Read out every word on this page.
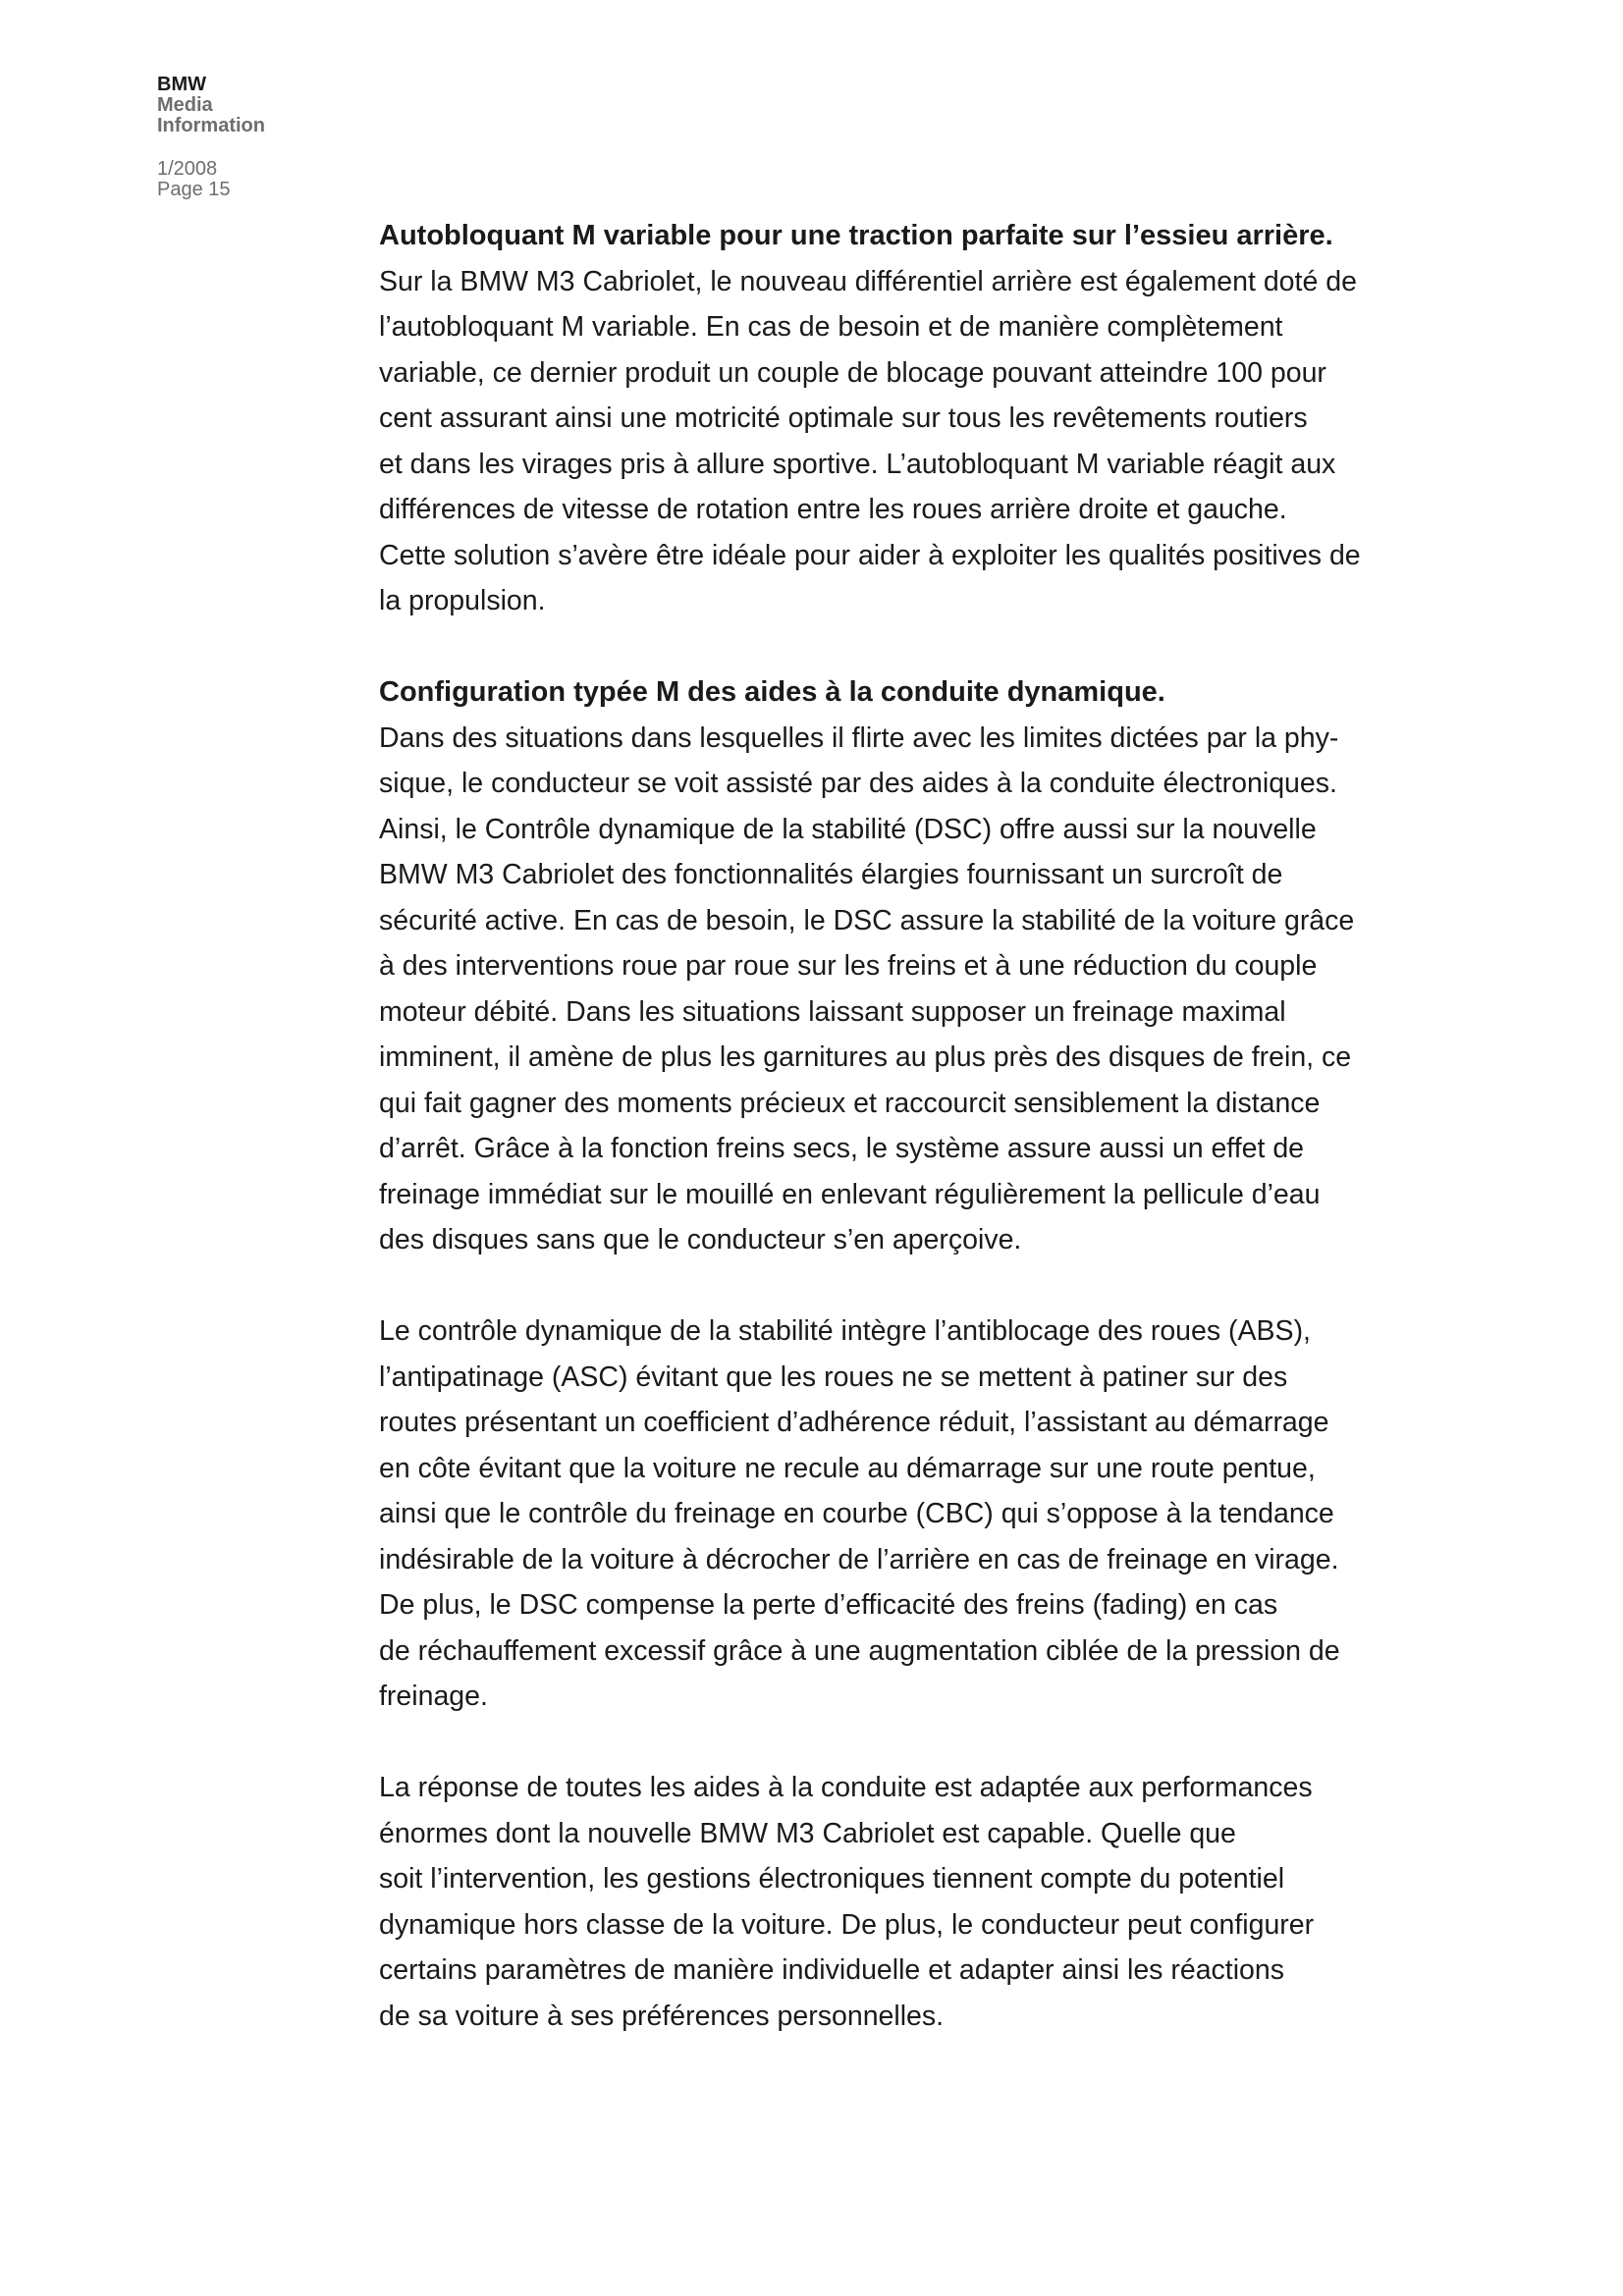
BMW
Media
Information
1/2008
Page 15
Autobloquant M variable pour une traction parfaite sur l’essieu arrière.
Sur la BMW M3 Cabriolet, le nouveau différentiel arrière est également doté de
l’autobloquant M variable. En cas de besoin et de manière complètement
variable, ce dernier produit un couple de blocage pouvant atteindre 100 pour
cent assurant ainsi une motricité optimale sur tous les revêtements routiers
et dans les virages pris à allure sportive. L’autobloquant M variable réagit aux
différences de vitesse de rotation entre les roues arrière droite et gauche.
Cette solution s’avère être idéale pour aider à exploiter les qualités positives de
la propulsion.
Configuration typée M des aides à la conduite dynamique.
Dans des situations dans lesquelles il flirte avec les limites dictées par la phy-
sique, le conducteur se voit assisté par des aides à la conduite électroniques.
Ainsi, le Contrôle dynamique de la stabilité (DSC) offre aussi sur la nouvelle
BMW M3 Cabriolet des fonctionnalités élargies fournissant un surcroît de
sécurité active. En cas de besoin, le DSC assure la stabilité de la voiture grâce
à des interventions roue par roue sur les freins et à une réduction du couple
moteur débité. Dans les situations laissant supposer un freinage maximal
imminent, il amène de plus les garnitures au plus près des disques de frein, ce
qui fait gagner des moments précieux et raccourcit sensiblement la distance
d’arrêt. Grâce à la fonction freins secs, le système assure aussi un effet de
freinage immédiat sur le mouillé en enlevant régulièrement la pellicule d’eau
des disques sans que le conducteur s’en aperçoive.
Le contrôle dynamique de la stabilité intègre l’antiblocage des roues (ABS),
l’antipatinage (ASC) évitant que les roues ne se mettent à patiner sur des
routes présentant un coefficient d’adhérence réduit, l’assistant au démarrage
en côte évitant que la voiture ne recule au démarrage sur une route pentue,
ainsi que le contrôle du freinage en courbe (CBC) qui s’oppose à la tendance
indésirable de la voiture à décrocher de l’arrière en cas de freinage en virage.
De plus, le DSC compense la perte d’efficacité des freins (fading) en cas
de réchauffement excessif grâce à une augmentation ciblée de la pression de
freinage.
La réponse de toutes les aides à la conduite est adaptée aux performances
énormes dont la nouvelle BMW M3 Cabriolet est capable. Quelle que
soit l’intervention, les gestions électroniques tiennent compte du potentiel
dynamique hors classe de la voiture. De plus, le conducteur peut configurer
certains paramètres de manière individuelle et adapter ainsi les réactions
de sa voiture à ses préférences personnelles.
